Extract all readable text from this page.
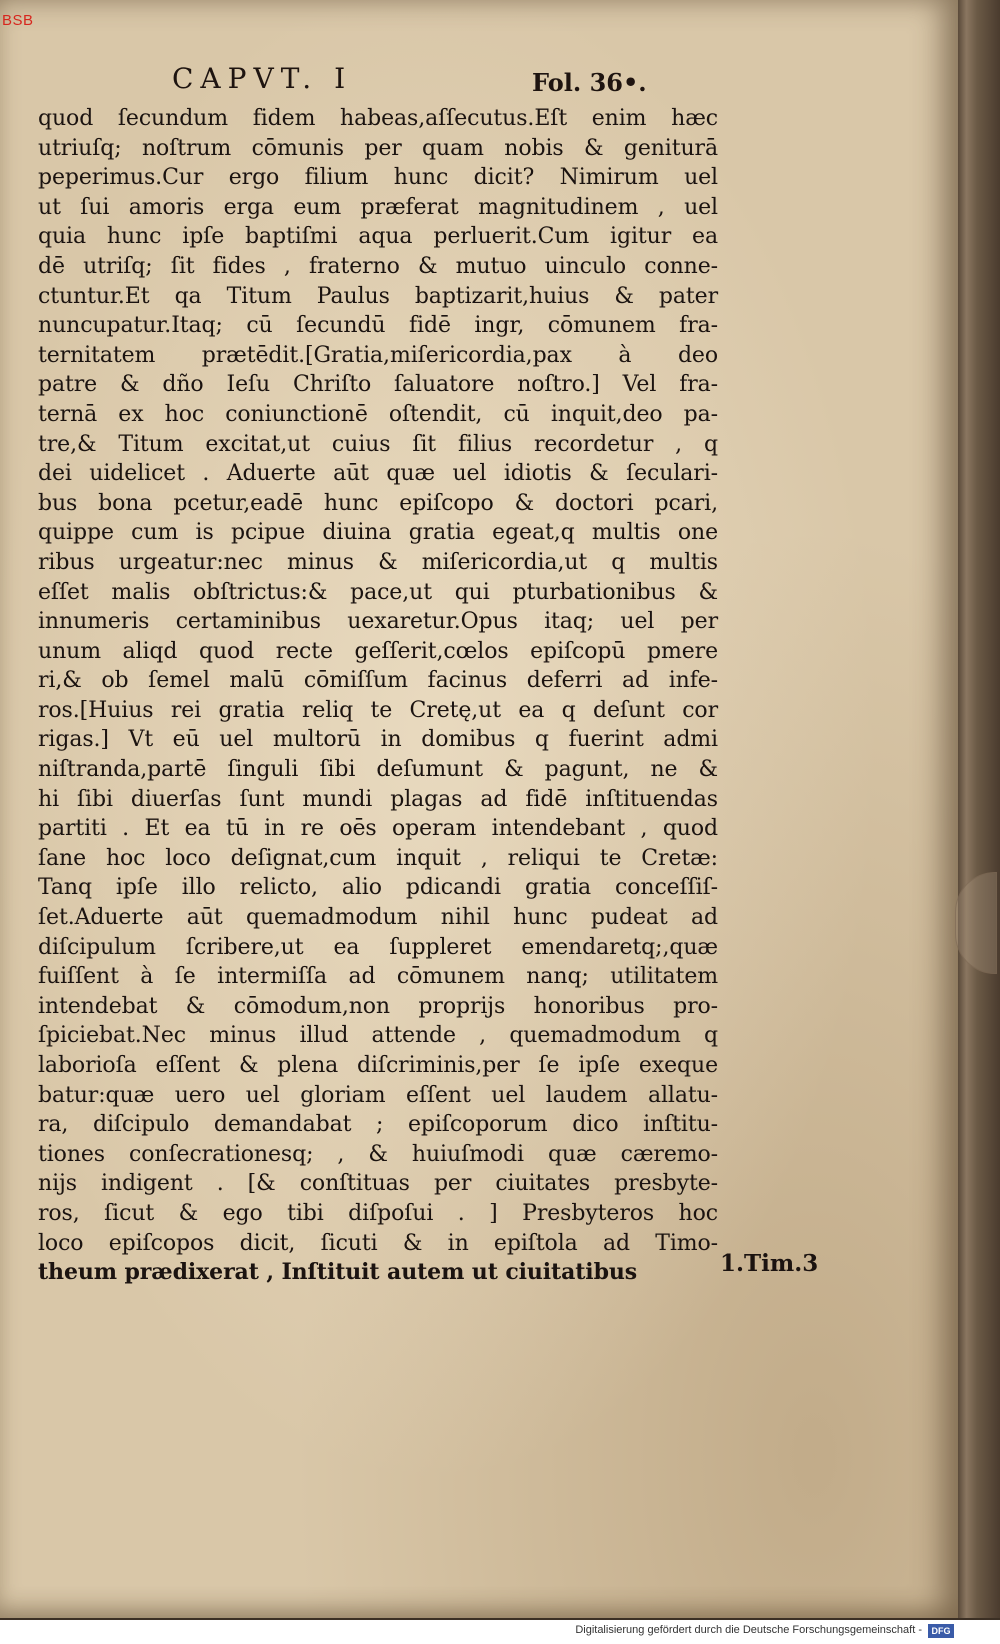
BSB
CAPVT. I	Fol. 36•.
quod ſecundum fidem habeas,aſſecutus.Eſt enim hæc
utriuſq; noſtrum cōmunis per quam nobis & geniturā
peperimus.Cur ergo filium hunc dicit? Nimirum uel
ut ſui amoris erga eum præferat magnitudinem , uel
quia hunc ipſe baptiſmi aqua perluerit.Cum igitur ea
dē utriſq; ſit fides , fraterno & mutuo uinculo conne-
ctuntur.Et qa Titum Paulus baptizarit,huius & pater
nuncupatur.Itaq; cū ſecundū fidē ingr, cōmunem fra-
ternitatem prætēdit.[Gratia,miſericordia,pax à deo
patre & dño Ieſu Chriſto ſaluatore noſtro.] Vel fra-
ternā ex hoc coniunctionē oſtendit, cū inquit,deo pa-
tre,& Titum excitat,ut cuius ſit filius recordetur , q
dei uidelicet . Aduerte aūt quæ uel idiotis & ſeculari-
bus bona pcetur,eadē hunc epiſcopo & doctori pcari,
quippe cum is pcipue diuina gratia egeat,q multis one
ribus urgeatur:nec minus & miſericordia,ut q multis
eſſet malis obſtrictus:& pace,ut qui pturbationibus &
innumeris certaminibus uexaretur.Opus itaq; uel per
unum aliqd quod recte geſſerit,cœlos epiſcopū pmere
ri,& ob ſemel malū cōmiſſum facinus deferri ad infe-
ros.[Huius rei gratia reliq te Cretę,ut ea q deſunt cor
rigas.] Vt eū uel multorū in domibus q fuerint admi
niſtranda,partē ſinguli ſibi deſumunt & pagunt, ne &
hi ſibi diuerſas ſunt mundi plagas ad fidē inſtituendas
partiti . Et ea tū in re oēs operam intendebant , quod
ſane hoc loco deſignat,cum inquit , reliqui te Cretæ:
Tanq ipſe illo relicto, alio pdicandi gratia conceſſiſ-
ſet.Aduerte aūt quemadmodum nihil hunc pudeat ad
diſcipulum ſcribere,ut ea ſuppleret emendaretq;,quæ
fuiſſent à ſe intermiſſa ad cōmunem nanq; utilitatem
intendebat & cōmodum,non proprijs honoribus pro-
ſpiciebat.Nec minus illud attende , quemadmodum q
laborioſa eſſent & plena diſcriminis,per ſe ipſe exeque
batur:quæ uero uel gloriam eſſent uel laudem allatu-
ra, diſcipulo demandabat ; epiſcoporum dico inſtitu-
tiones conſecrationesq; , & huiuſmodi quæ cæremo-
nijs indigent . [& conſtituas per ciuitates presbyte-
ros, ſicut & ego tibi diſpoſui . ] Presbyteros hoc
loco epiſcopos dicit, ſicuti & in epiſtola ad Timo-
theum prædixerat , Inſtituit autem ut ciuitatibus	1.Tim.3
Digitalisierung gefördert durch die Deutsche Forschungsgemeinschaft -	DFG
